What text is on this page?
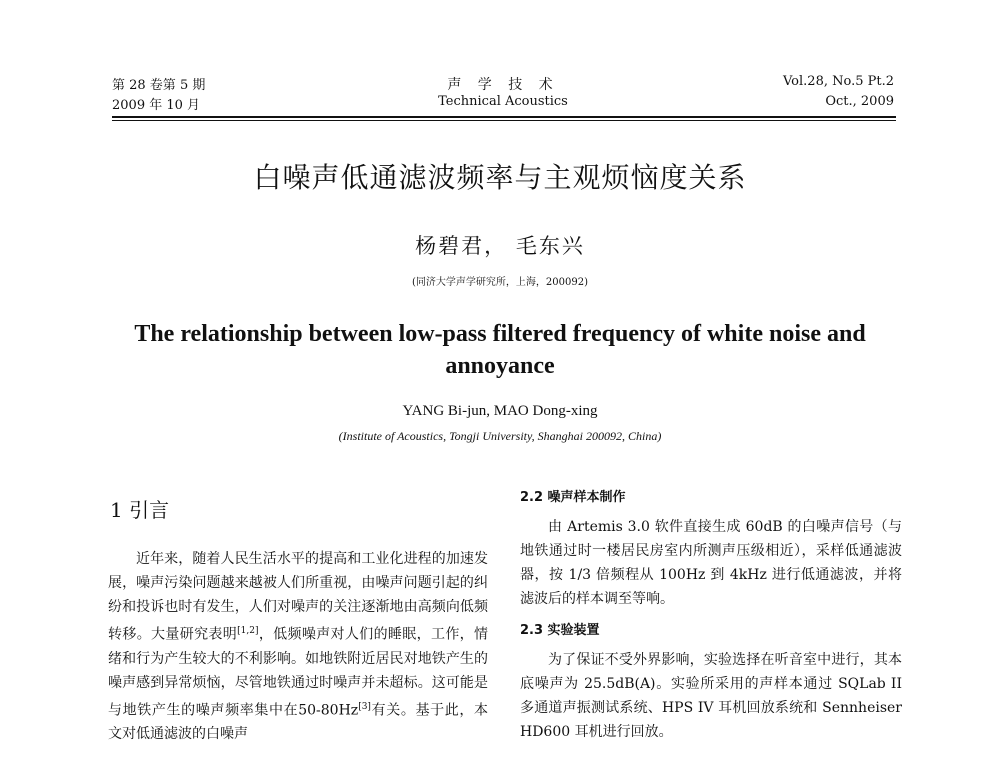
第 28 卷第 5 期	Vol.28, No.5 Pt.2
声 学 技 术
2009 年 10 月	Oct., 2009
Technical Acoustics
白噪声低通滤波频率与主观烦恼度关系
杨碧君， 毛东兴
(同济大学声学研究所，上海，200092)
The relationship between low-pass filtered frequency of white noise and annoyance
YANG Bi-jun, MAO Dong-xing
(Institute of Acoustics, Tongji University, Shanghai 200092, China)
1 引言

近年来，随着人民生活水平的提高和工业化进程的加速发展，噪声污染问题越来越被人们所重视，由噪声问题引起的纠纷和投诉也时有发生，人们对噪声的关注逐渐地由高频向低频转移。大量研究表明[1,2]，低频噪声对人们的睡眠，工作，情绪和行为产生较大的不利影响。如地铁附近居民对地铁产生的噪声感到异常烦恼，尽管地铁通过时噪声并未超标。这可能是与地铁产生的噪声频率集中在50-80Hz[3]有关。基于此，本文对低通滤波的白噪声

2.2 噪声样本制作

由 Artemis 3.0 软件直接生成 60dB 的白噪声信号（与地铁通过时一楼居民房室内所测声压级相近），采样低通滤波器，按 1/3 倍频程从 100Hz 到 4kHz 进行低通滤波，并将滤波后的样本调至等响。

2.3 实验装置

为了保证不受外界影响，实验选择在听音室中进行，其本底噪声为 25.5dB(A)。实验所采用的声样本通过 SQLab II 多通道声振测试系统、HPS IV 耳机回放系统和 Sennheiser HD600 耳机进行回放。
